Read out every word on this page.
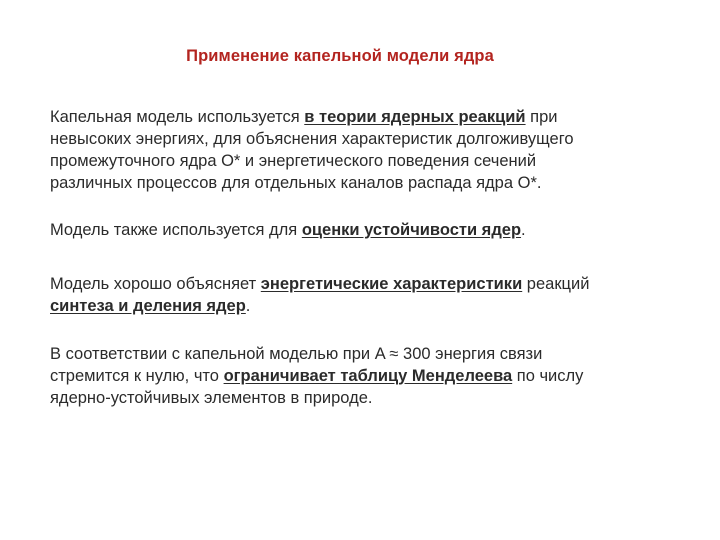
Применение капельной модели ядра
Капельная модель используется в теории ядерных реакций при
невысоких энергиях, для объяснения характеристик долгоживущего
промежуточного ядра О* и энергетического поведения сечений
различных процессов для отдельных каналов распада ядра О*.
Модель также используется для оценки устойчивости ядер.
Модель хорошо объясняет энергетические характеристики реакций
синтеза и деления ядер.
В соответствии с капельной моделью при A ≈ 300 энергия связи
стремится к нулю, что ограничивает таблицу Менделеева по числу
ядерно-устойчивых элементов в природе.
